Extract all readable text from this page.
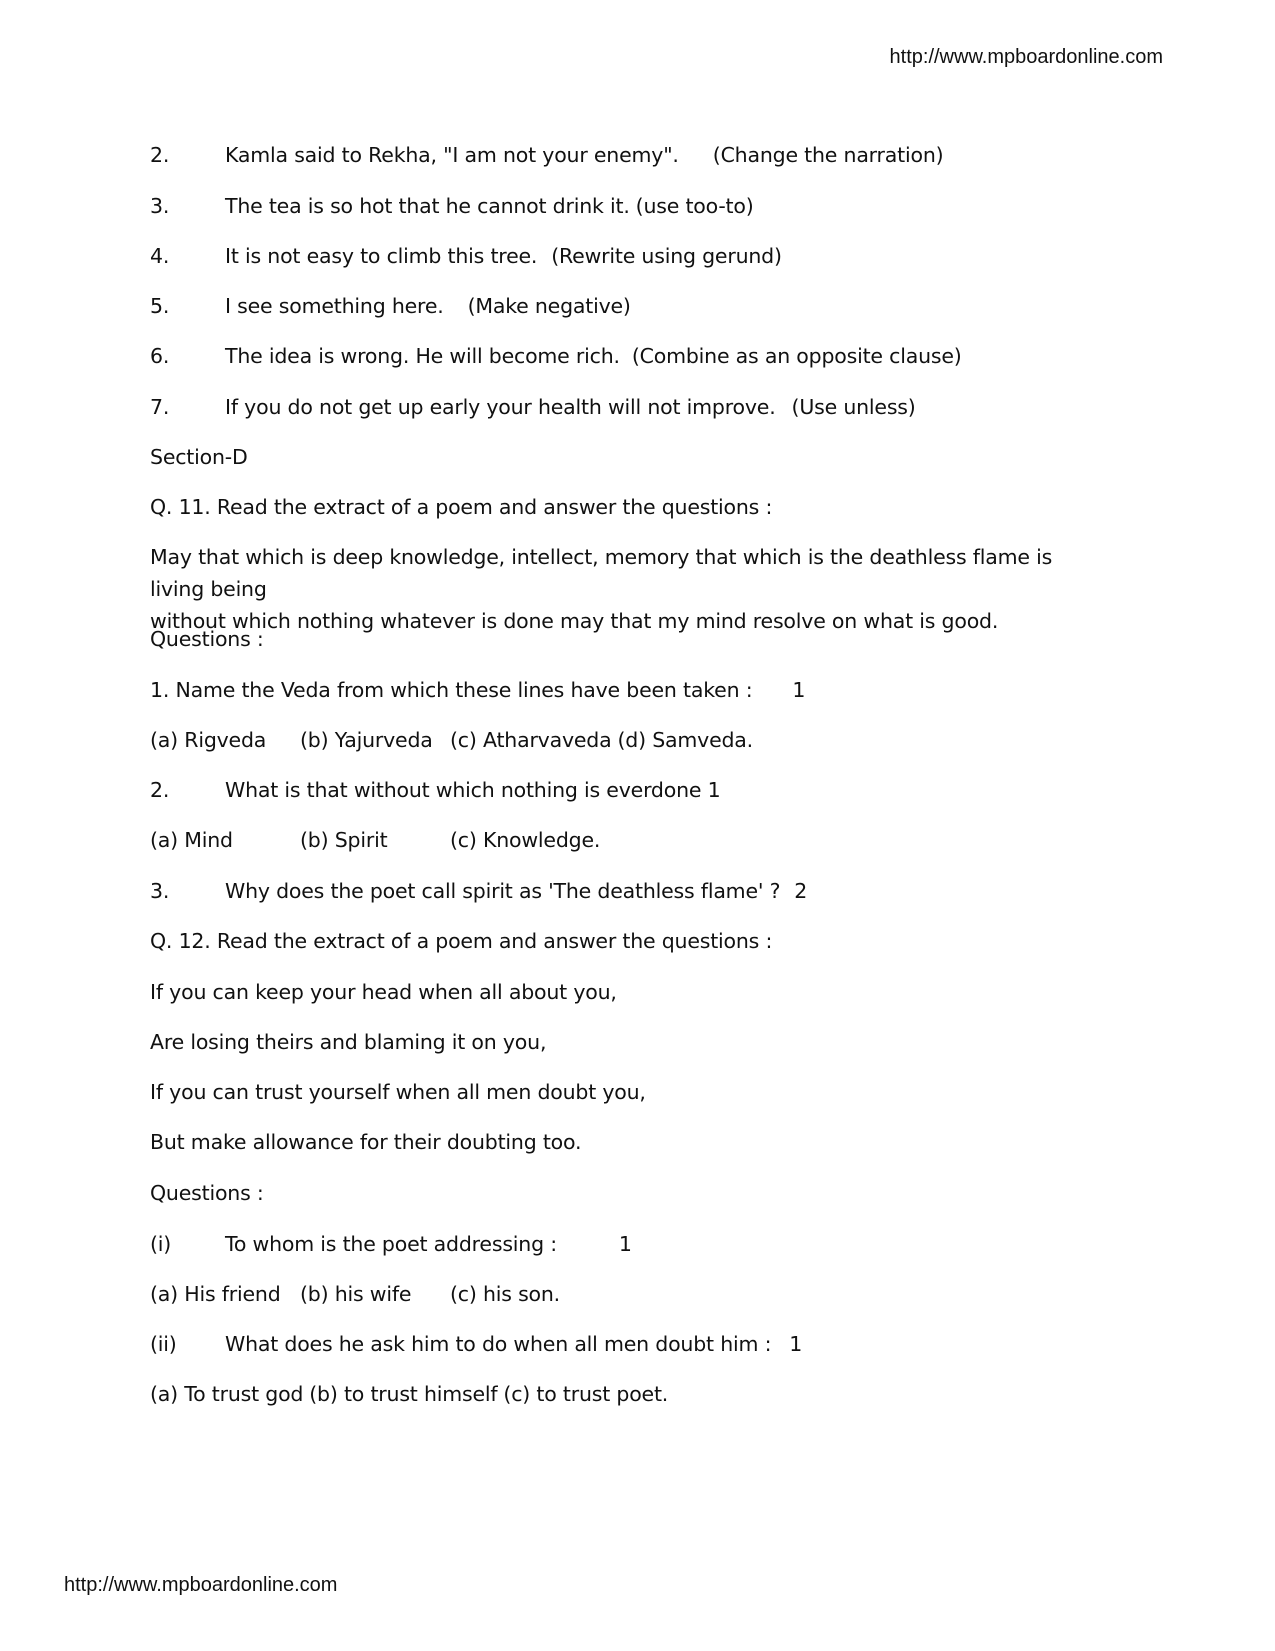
http://www.mpboardonline.com
2.	Kamla said to Rekha, "I am not your enemy". (Change the narration)
3.	The tea is so hot that he cannot drink it. (use too-to)
4.	It is not easy to climb this tree. (Rewrite using gerund)
5.	I see something here. (Make negative)
6.	The idea is wrong. He will become rich. (Combine as an opposite clause)
7.	If you do not get up early your health will not improve. (Use unless)
Section-D
Q. 11. Read the extract of a poem and answer the questions :
May that which is deep knowledge, intellect, memory that which is the deathless flame is living being
without which nothing whatever is done may that my mind resolve on what is good.
Questions :
1. Name the Veda from which these lines have been taken : 1
(a) Rigveda (b) Yajurveda (c) Atharvaveda (d) Samveda.
2.	What is that without which nothing is everdone 1
(a) Mind	(b) Spirit	(c) Knowledge.
3.	Why does the poet call spirit as 'The deathless flame' ? 2
Q. 12. Read the extract of a poem and answer the questions :
If you can keep your head when all about you,
Are losing theirs and blaming it on you,
If you can trust yourself when all men doubt you,
But make allowance for their doubting too.
Questions :
(i)	To whom is the poet addressing :	1
(a) His friend (b) his wife (c) his son.
(ii) What does he ask him to do when all men doubt him : 1
(a) To trust god (b) to trust himself (c) to trust poet.
http://www.mpboardonline.com
